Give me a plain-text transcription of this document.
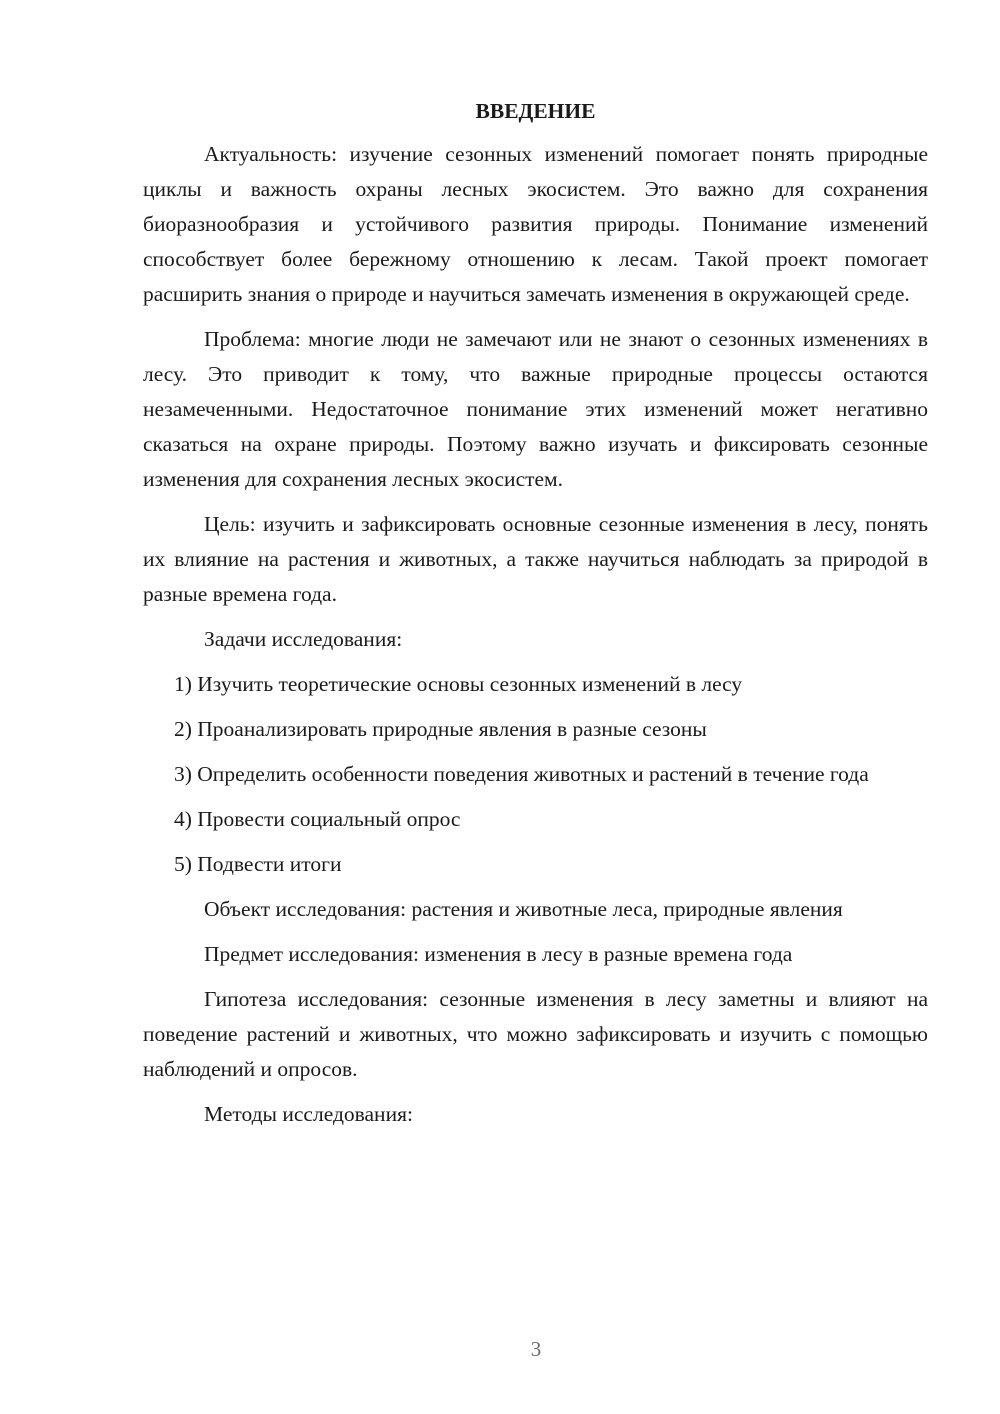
ВВЕДЕНИЕ

Актуальность: изучение сезонных изменений помогает понять природные циклы и важность охраны лесных экосистем. Это важно для сохранения биоразнообразия и устойчивого развития природы. Понимание изменений способствует более бережному отношению к лесам. Такой проект помогает расширить знания о природе и научиться замечать изменения в окружающей среде.

Проблема: многие люди не замечают или не знают о сезонных изменениях в лесу. Это приводит к тому, что важные природные процессы остаются незамеченными. Недостаточное понимание этих изменений может негативно сказаться на охране природы. Поэтому важно изучать и фиксировать сезонные изменения для сохранения лесных экосистем.

Цель: изучить и зафиксировать основные сезонные изменения в лесу, понять их влияние на растения и животных, а также научиться наблюдать за природой в разные времена года.

Задачи исследования:

1) Изучить теоретические основы сезонных изменений в лесу

2) Проанализировать природные явления в разные сезоны

3) Определить особенности поведения животных и растений в течение года

4) Провести социальный опрос

5) Подвести итоги

Объект исследования: растения и животные леса, природные явления

Предмет исследования: изменения в лесу в разные времена года

Гипотеза исследования: сезонные изменения в лесу заметны и влияют на поведение растений и животных, что можно зафиксировать и изучить с помощью наблюдений и опросов.

Методы исследования:

3
